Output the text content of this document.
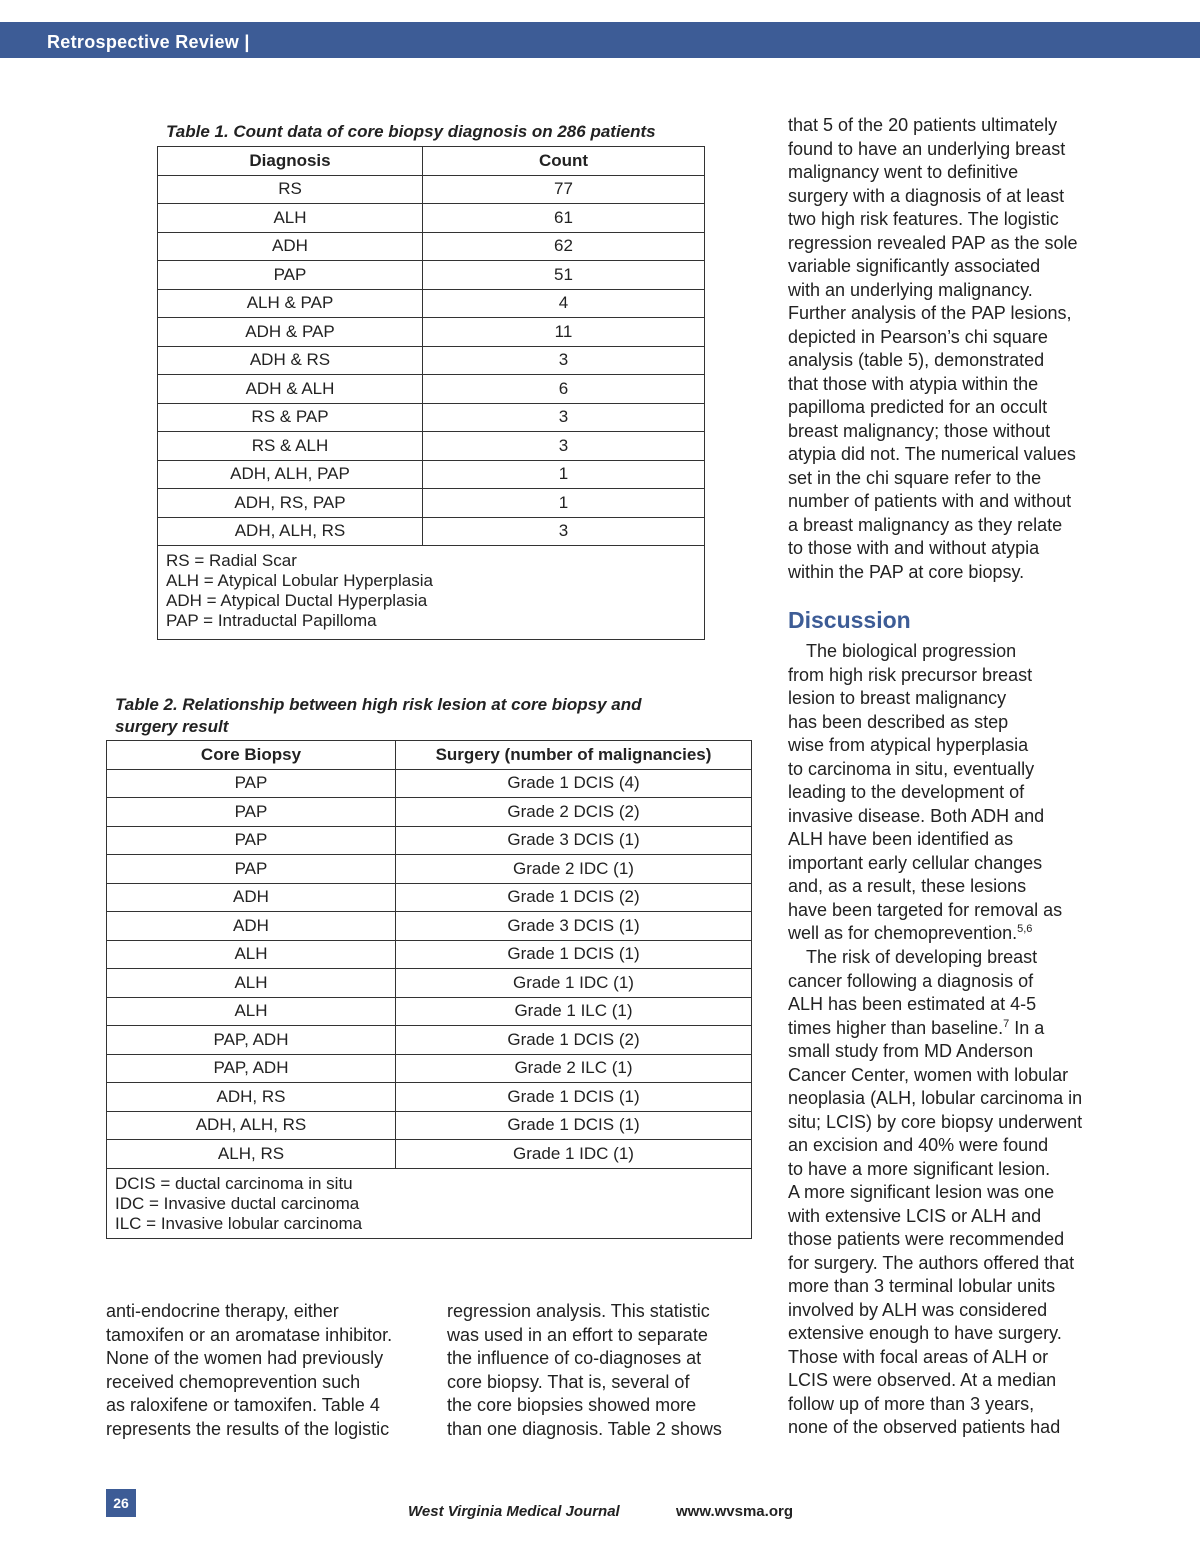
Retrospective Review |
Table 1. Count data of core biopsy diagnosis on 286 patients
Diagnosis	Count
RS	77
ALH	61
ADH	62
PAP	51
ALH & PAP	4
ADH & PAP	11
ADH & RS	3
ADH & ALH	6
RS & PAP	3
RS & ALH	3
ADH, ALH, PAP	1
ADH, RS, PAP	1
ADH, ALH, RS	3

RS = Radial Scar
ALH = Atypical Lobular Hyperplasia
ADH = Atypical Ductal Hyperplasia
PAP = Intraductal Papilloma	
Table 2. Relationship between high risk lesion at core biopsy and surgery result
Core Biopsy	Surgery (number of malignancies)
PAP	Grade 1 DCIS (4)
PAP	Grade 2 DCIS (2)
PAP	Grade 3 DCIS (1)
PAP	Grade 2 IDC (1)
ADH	Grade 1 DCIS (2)
ADH	Grade 3 DCIS (1)
ALH	Grade 1 DCIS (1)
ALH	Grade 1 IDC (1)
ALH	Grade 1 ILC (1)
PAP, ADH	Grade 1 DCIS (2)
PAP, ADH	Grade 2 ILC (1)
ADH, RS	Grade 1 DCIS (1)
ADH, ALH, RS	Grade 1 DCIS (1)
ALH, RS	Grade 1 IDC (1)

DCIS = ductal carcinoma in situ
IDC = Invasive ductal carcinoma
ILC = Invasive lobular carcinoma	
anti-endocrine therapy, either
tamoxifen or an aromatase inhibitor.
None of the women had previously
received chemoprevention such
as raloxifene or tamoxifen. Table 4
represents the results of the logistic
regression analysis. This statistic
was used in an effort to separate
the influence of co-diagnoses at
core biopsy. That is, several of
the core biopsies showed more
than one diagnosis. Table 2 shows
that 5 of the 20 patients ultimately
found to have an underlying breast
malignancy went to definitive
surgery with a diagnosis of at least
two high risk features. The logistic
regression revealed PAP as the sole
variable significantly associated
with an underlying malignancy.
Further analysis of the PAP lesions,
depicted in Pearson’s chi square
analysis (table 5), demonstrated
that those with atypia within the
papilloma predicted for an occult
breast malignancy; those without
atypia did not. The numerical values
set in the chi square refer to the
number of patients with and without
a breast malignancy as they relate
to those with and without atypia
within the PAP at core biopsy.
Discussion
The biological progression
from high risk precursor breast
lesion to breast malignancy
has been described as step
wise from atypical hyperplasia
to carcinoma in situ, eventually
leading to the development of
invasive disease. Both ADH and
ALH have been identified as
important early cellular changes
and, as a result, these lesions
have been targeted for removal as
well as for chemoprevention.$^{5,6}$
The risk of developing breast
cancer following a diagnosis of
ALH has been estimated at 4-5
times higher than baseline.$^7$ In a
small study from MD Anderson
Cancer Center, women with lobular
neoplasia (ALH, lobular carcinoma in
situ; LCIS) by core biopsy underwent
an excision and 40% were found
to have a more significant lesion.
A more significant lesion was one
with extensive LCIS or ALH and
those patients were recommended
for surgery. The authors offered that
more than 3 terminal lobular units
involved by ALH was considered
extensive enough to have surgery.
Those with focal areas of ALH or
LCIS were observed. At a median
follow up of more than 3 years,
none of the observed patients had
26	West Virginia Medical Journal	www.wvsma.org
